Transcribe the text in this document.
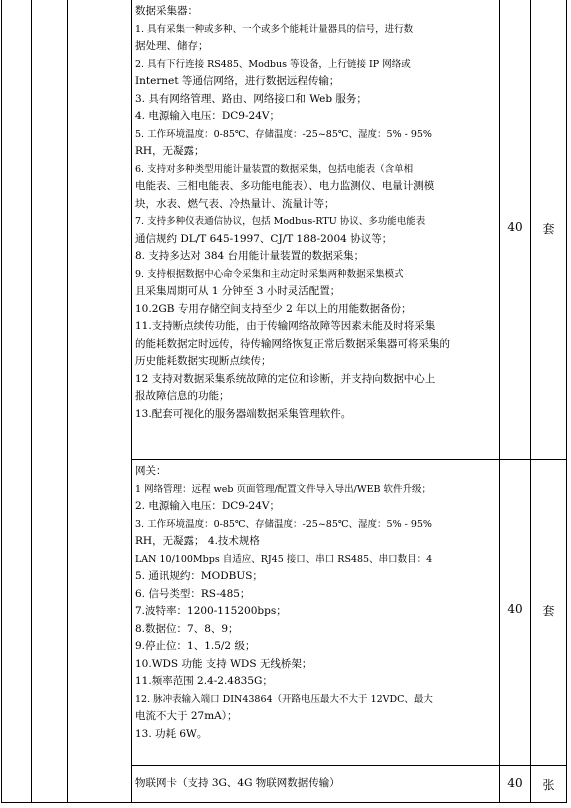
数据采集器：
1. 具有采集一种或多种、一个或多个能耗计量器具的信号，进行数
据处理、储存；
2. 具有下行连接 RS485、Modbus 等设备，上行链接 IP 网络或
Internet 等通信网络，进行数据远程传输；
3. 具有网络管理、路由、网络接口和 Web 服务；
4. 电源输入电压：DC9-24V；
5. 工作环境温度：0-85℃、存储温度：-25~85℃、湿度：5% - 95%
RH，无凝露；
6. 支持对多种类型用能计量装置的数据采集，包括电能表（含单相
电能表、三相电能表、多功能电能表）、电力监测仪、电量计测模
块，水表、燃气表、冷热量计、流量计等；
7. 支持多种仪表通信协议，包括 Modbus-RTU 协议、多功能电能表
通信规约 DL/T 645-1997、CJ/T 188-2004 协议等；
8. 支持多达对 384 台用能计量装置的数据采集；
9. 支持根据数据中心命令采集和主动定时采集两种数据采集模式
且采集周期可从 1 分钟至 3 小时灵活配置；
10.2GB 专用存储空间支持至少 2 年以上的用能数据备份；
11.支持断点续传功能，由于传输网络故障等因素未能及时将采集
的能耗数据定时远传，待传输网络恢复正常后数据采集器可将采集的
历史能耗数据实现断点续传；
12 支持对数据采集系统故障的定位和诊断，并支持向数据中心上
报故障信息的功能；
13.配套可视化的服务器端数据采集管理软件。
40	套
网关：
1 网络管理：远程 web 页面管理/配置文件导入导出/WEB 软件升级；
2. 电源输入电压：DC9-24V；
3. 工作环境温度：0-85℃、存储温度：-25~85℃、湿度：5% - 95%
RH，无凝露； 4.技术规格
LAN 10/100Mbps 自适应、RJ45 接口、串口 RS485、串口数目：4
5. 通讯规约：MODBUS；
6. 信号类型：RS-485；
7.波特率：1200-115200bps；
8.数据位：7、8、9；
9.停止位：1、1.5/2 级；
10.WDS 功能 支持 WDS 无线桥架；
11.频率范围 2.4-2.4835G；
12. 脉冲表输入端口 DIN43864（开路电压最大不大于 12VDC、最大
电流不大于 27mA）；
13. 功耗 6W。
40	套
物联网卡（支持 3G、4G 物联网数据传输）	40	张
